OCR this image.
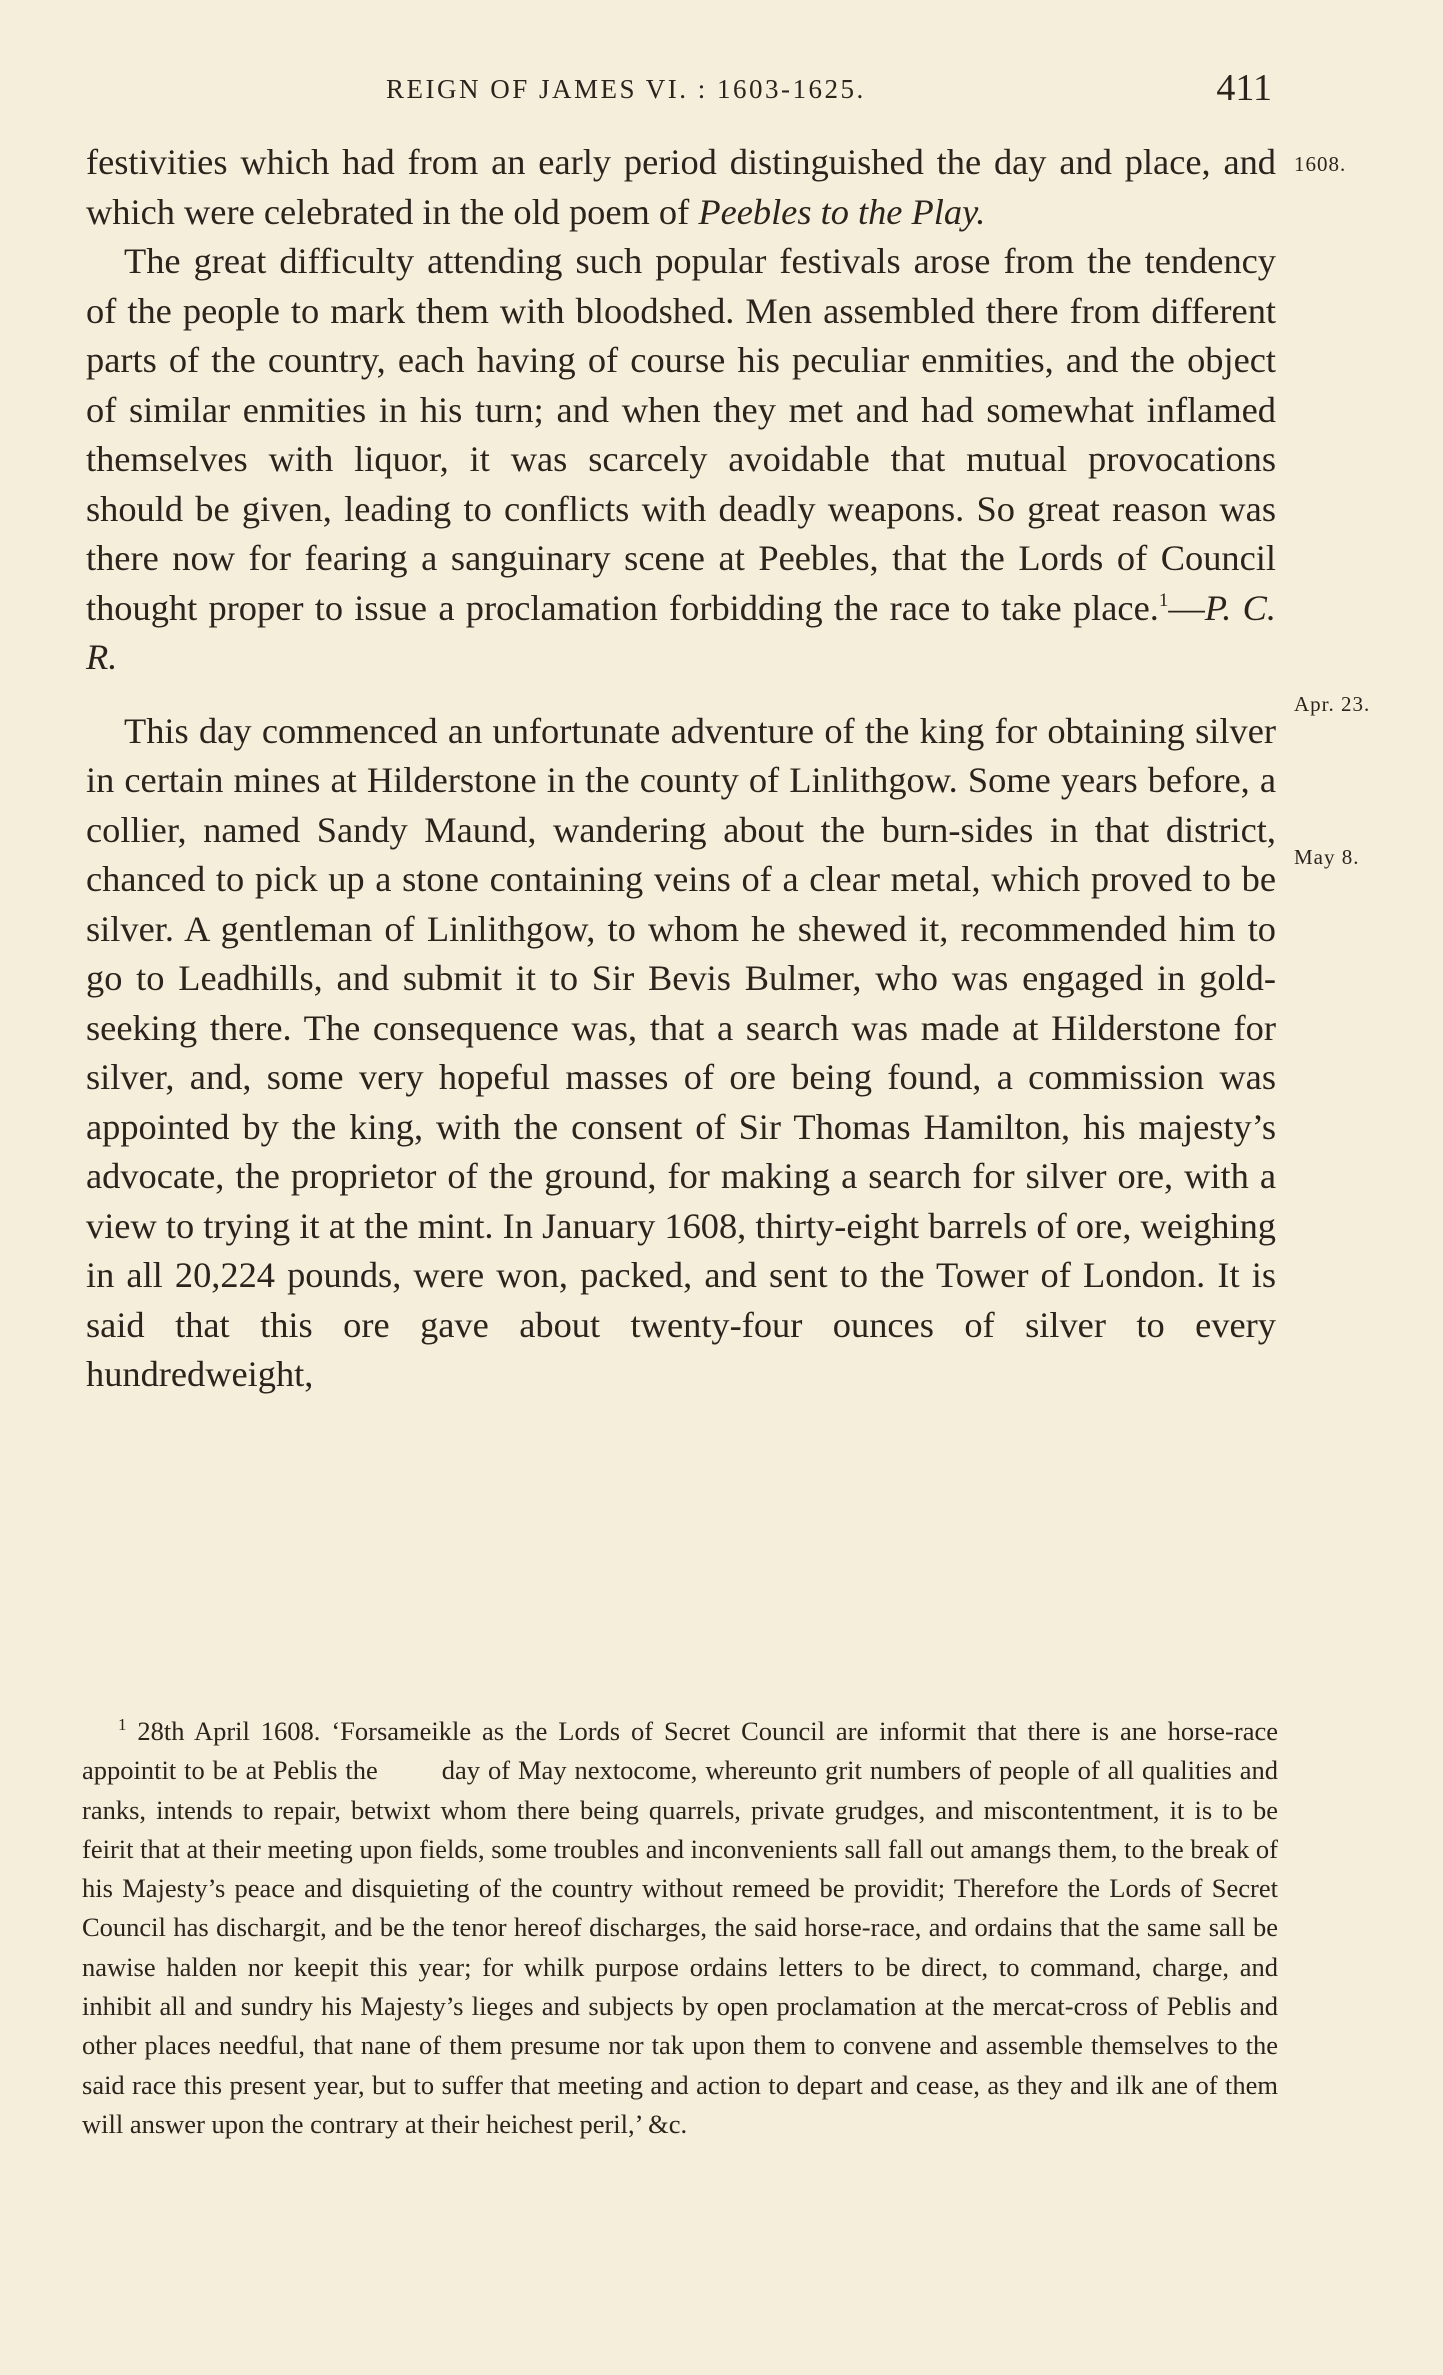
REIGN OF JAMES VI. : 1603-1625.	411
1608.
Apr. 23.
May 8.

festivities which had from an early period distinguished the day and place, and which were celebrated in the old poem of Peebles to the Play.

The great difficulty attending such popular festivals arose from the tendency of the people to mark them with bloodshed. Men assembled there from different parts of the country, each having of course his peculiar enmities, and the object of similar enmities in his turn; and when they met and had somewhat inflamed themselves with liquor, it was scarcely avoidable that mutual provocations should be given, leading to conflicts with deadly weapons. So great reason was there now for fearing a sanguinary scene at Peebles, that the Lords of Council thought proper to issue a proclamation forbidding the race to take place.$^1$—P. C. R.

This day commenced an unfortunate adventure of the king for obtaining silver in certain mines at Hilderstone in the county of Linlithgow. Some years before, a collier, named Sandy Maund, wandering about the burn-sides in that district, chanced to pick up a stone containing veins of a clear metal, which proved to be silver. A gentleman of Linlithgow, to whom he shewed it, recommended him to go to Leadhills, and submit it to Sir Bevis Bulmer, who was engaged in gold-seeking there. The consequence was, that a search was made at Hilderstone for silver, and, some very hopeful masses of ore being found, a commission was appointed by the king, with the consent of Sir Thomas Hamilton, his majesty’s advocate, the proprietor of the ground, for making a search for silver ore, with a view to trying it at the mint. In January 1608, thirty-eight barrels of ore, weighing in all 20,224 pounds, were won, packed, and sent to the Tower of London. It is said that this ore gave about twenty-four ounces of silver to every hundredweight,

$^1$ 28th April 1608. ‘Forsameikle as the Lords of Secret Council are informit that there is ane horse-race appointit to be at Peblis the day of May nextocome, whereunto grit numbers of people of all qualities and ranks, intends to repair, betwixt whom there being quarrels, private grudges, and miscontentment, it is to be feirit that at their meeting upon fields, some troubles and inconvenients sall fall out amangs them, to the break of his Majesty’s peace and disquieting of the country without remeed be providit; Therefore the Lords of Secret Council has dischargit, and be the tenor hereof discharges, the said horse-race, and ordains that the same sall be nawise halden nor keepit this year; for whilk purpose ordains letters to be direct, to command, charge, and inhibit all and sundry his Majesty’s lieges and subjects by open proclamation at the mercat-cross of Peblis and other places needful, that nane of them presume nor tak upon them to convene and assemble themselves to the said race this present year, but to suffer that meeting and action to depart and cease, as they and ilk ane of them will answer upon the contrary at their heichest peril,’ &c.
